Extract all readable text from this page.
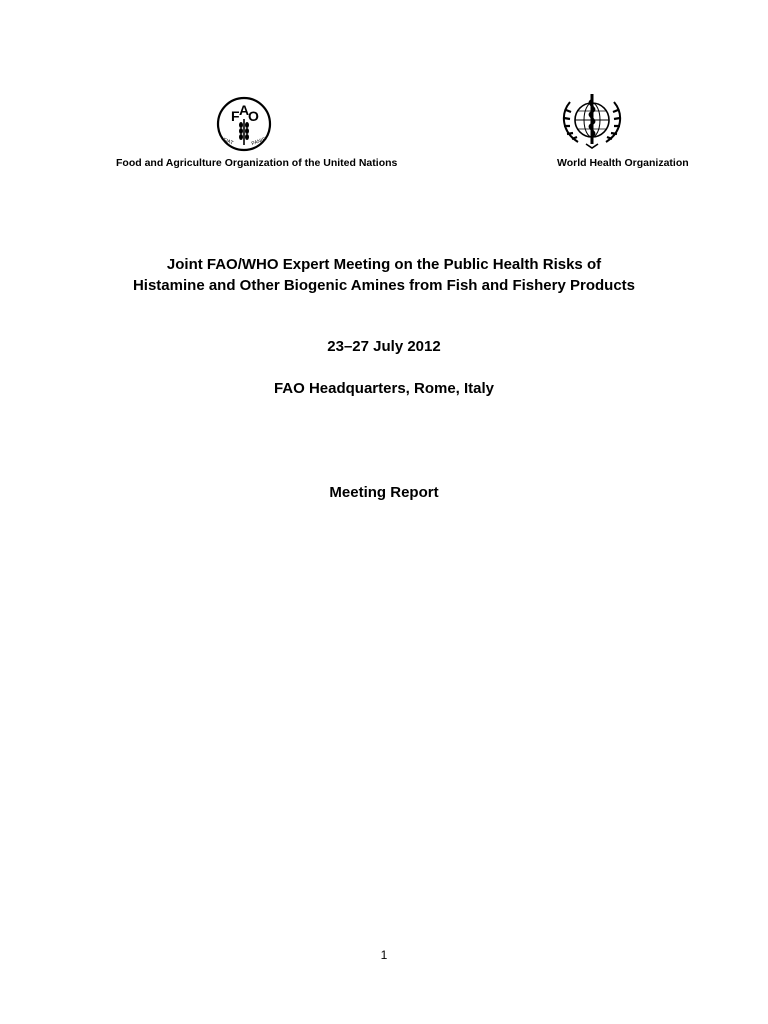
F A
O
FIAT	PANIS
Food and Agriculture Organization of the United Nations	World Health Organization
Joint FAO/WHO Expert Meeting on the Public Health Risks of
Histamine and Other Biogenic Amines from Fish and Fishery Products
23–27 July 2012
FAO Headquarters, Rome, Italy
Meeting Report
1
